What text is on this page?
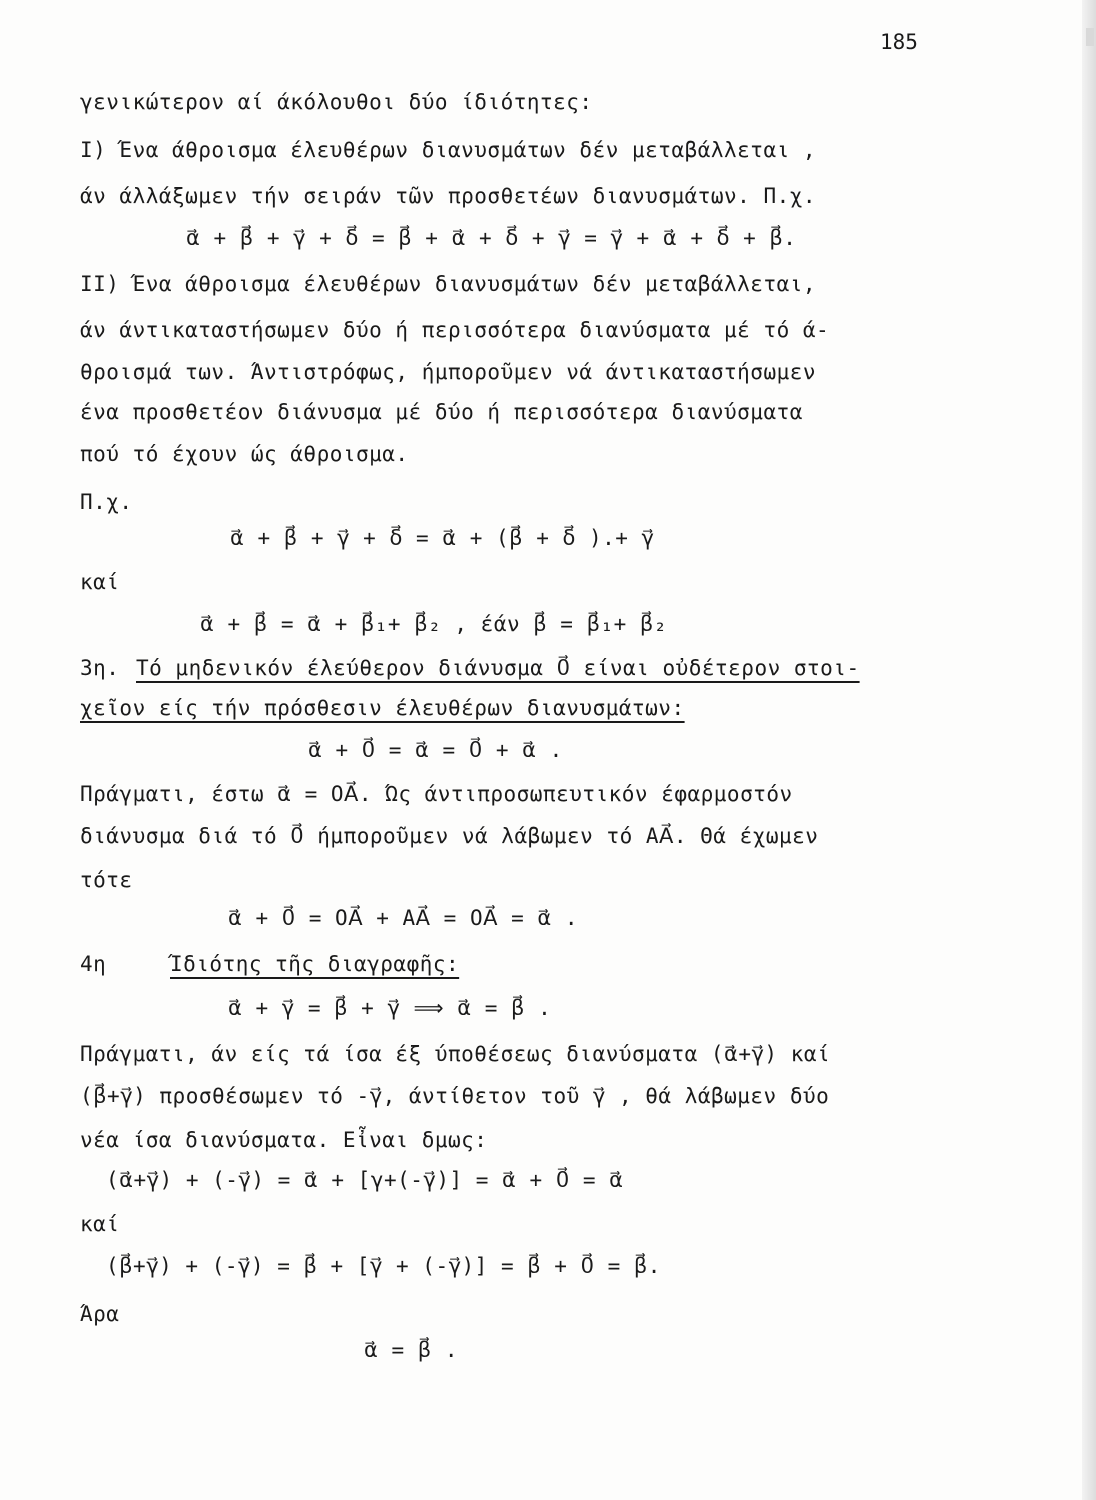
185
γενικώτερον αί άκόλουθοι δύο ίδιότητες:
I) Ένα άθροισμα έλευθέρων διανυσμάτων δέν μεταβάλλεται ,
άν άλλάξωμεν τήν σειράν τῶν προσθετέων διανυσμάτων. Π.χ.
α⃗ + β⃗ + γ⃗ + δ⃗ = β⃗ + α⃗ + δ⃗ + γ⃗ = γ⃗ + α⃗ + δ⃗ + β⃗.
II) Ένα άθροισμα έλευθέρων διανυσμάτων δέν μεταβάλλεται,
άν άντικαταστήσωμεν δύο ή περισσότερα διανύσματα μέ τό ά-
θροισμά των. Άντιστρόφως, ήμποροῦμεν νά άντικαταστήσωμεν
ένα προσθετέον διάνυσμα μέ δύο ή περισσότερα διανύσματα
πού τό έχουν ώς άθροισμα.
Π.χ.
α⃗ + β⃗ + γ⃗ + δ⃗ = α⃗ + (β⃗ + δ⃗ ).+ γ⃗
καί
α⃗ + β⃗ = α⃗ + β⃗₁+ β⃗₂ , έάν β⃗ = β⃗₁+ β⃗₂
3η. Τό μηδενικόν έλεύθερον διάνυσμα 0⃗ είναι οὐδέτερον στοι-
χεῖον είς τήν πρόσθεσιν έλευθέρων διανυσμάτων:
α⃗ + 0⃗ = α⃗ = 0⃗ + α⃗ .
Πράγματι, έστω α⃗ = OA⃗. Ώς άντιπροσωπευτικόν έφαρμοστόν
διάνυσμα διά τό 0⃗ ήμποροῦμεν νά λάβωμεν τό AA⃗. Θά έχωμεν
τότε
α⃗ + 0⃗ = OA⃗ + AA⃗ = OA⃗ = α⃗ .
4η	Ίδιότης τῆς διαγραφῆς:
α⃗ + γ⃗ = β⃗ + γ⃗ ⟹ α⃗ = β⃗ .
Πράγματι, άν είς τά ίσα έξ ύποθέσεως διανύσματα (α⃗+γ⃗) καί
(β⃗+γ⃗) προσθέσωμεν τό -γ⃗, άντίθετον τοῦ γ⃗ , θά λάβωμεν δύο
νέα ίσα διανύσματα. Εἶναι δμως:
(α⃗+γ⃗) + (-γ⃗) = α⃗ + [γ+(-γ⃗)] = α⃗ + 0⃗ = α⃗
καί
(β⃗+γ⃗) + (-γ⃗) = β⃗ + [γ⃗ + (-γ⃗)] = β⃗ + 0⃗ = β⃗.
Άρα
α⃗ = β⃗ .
